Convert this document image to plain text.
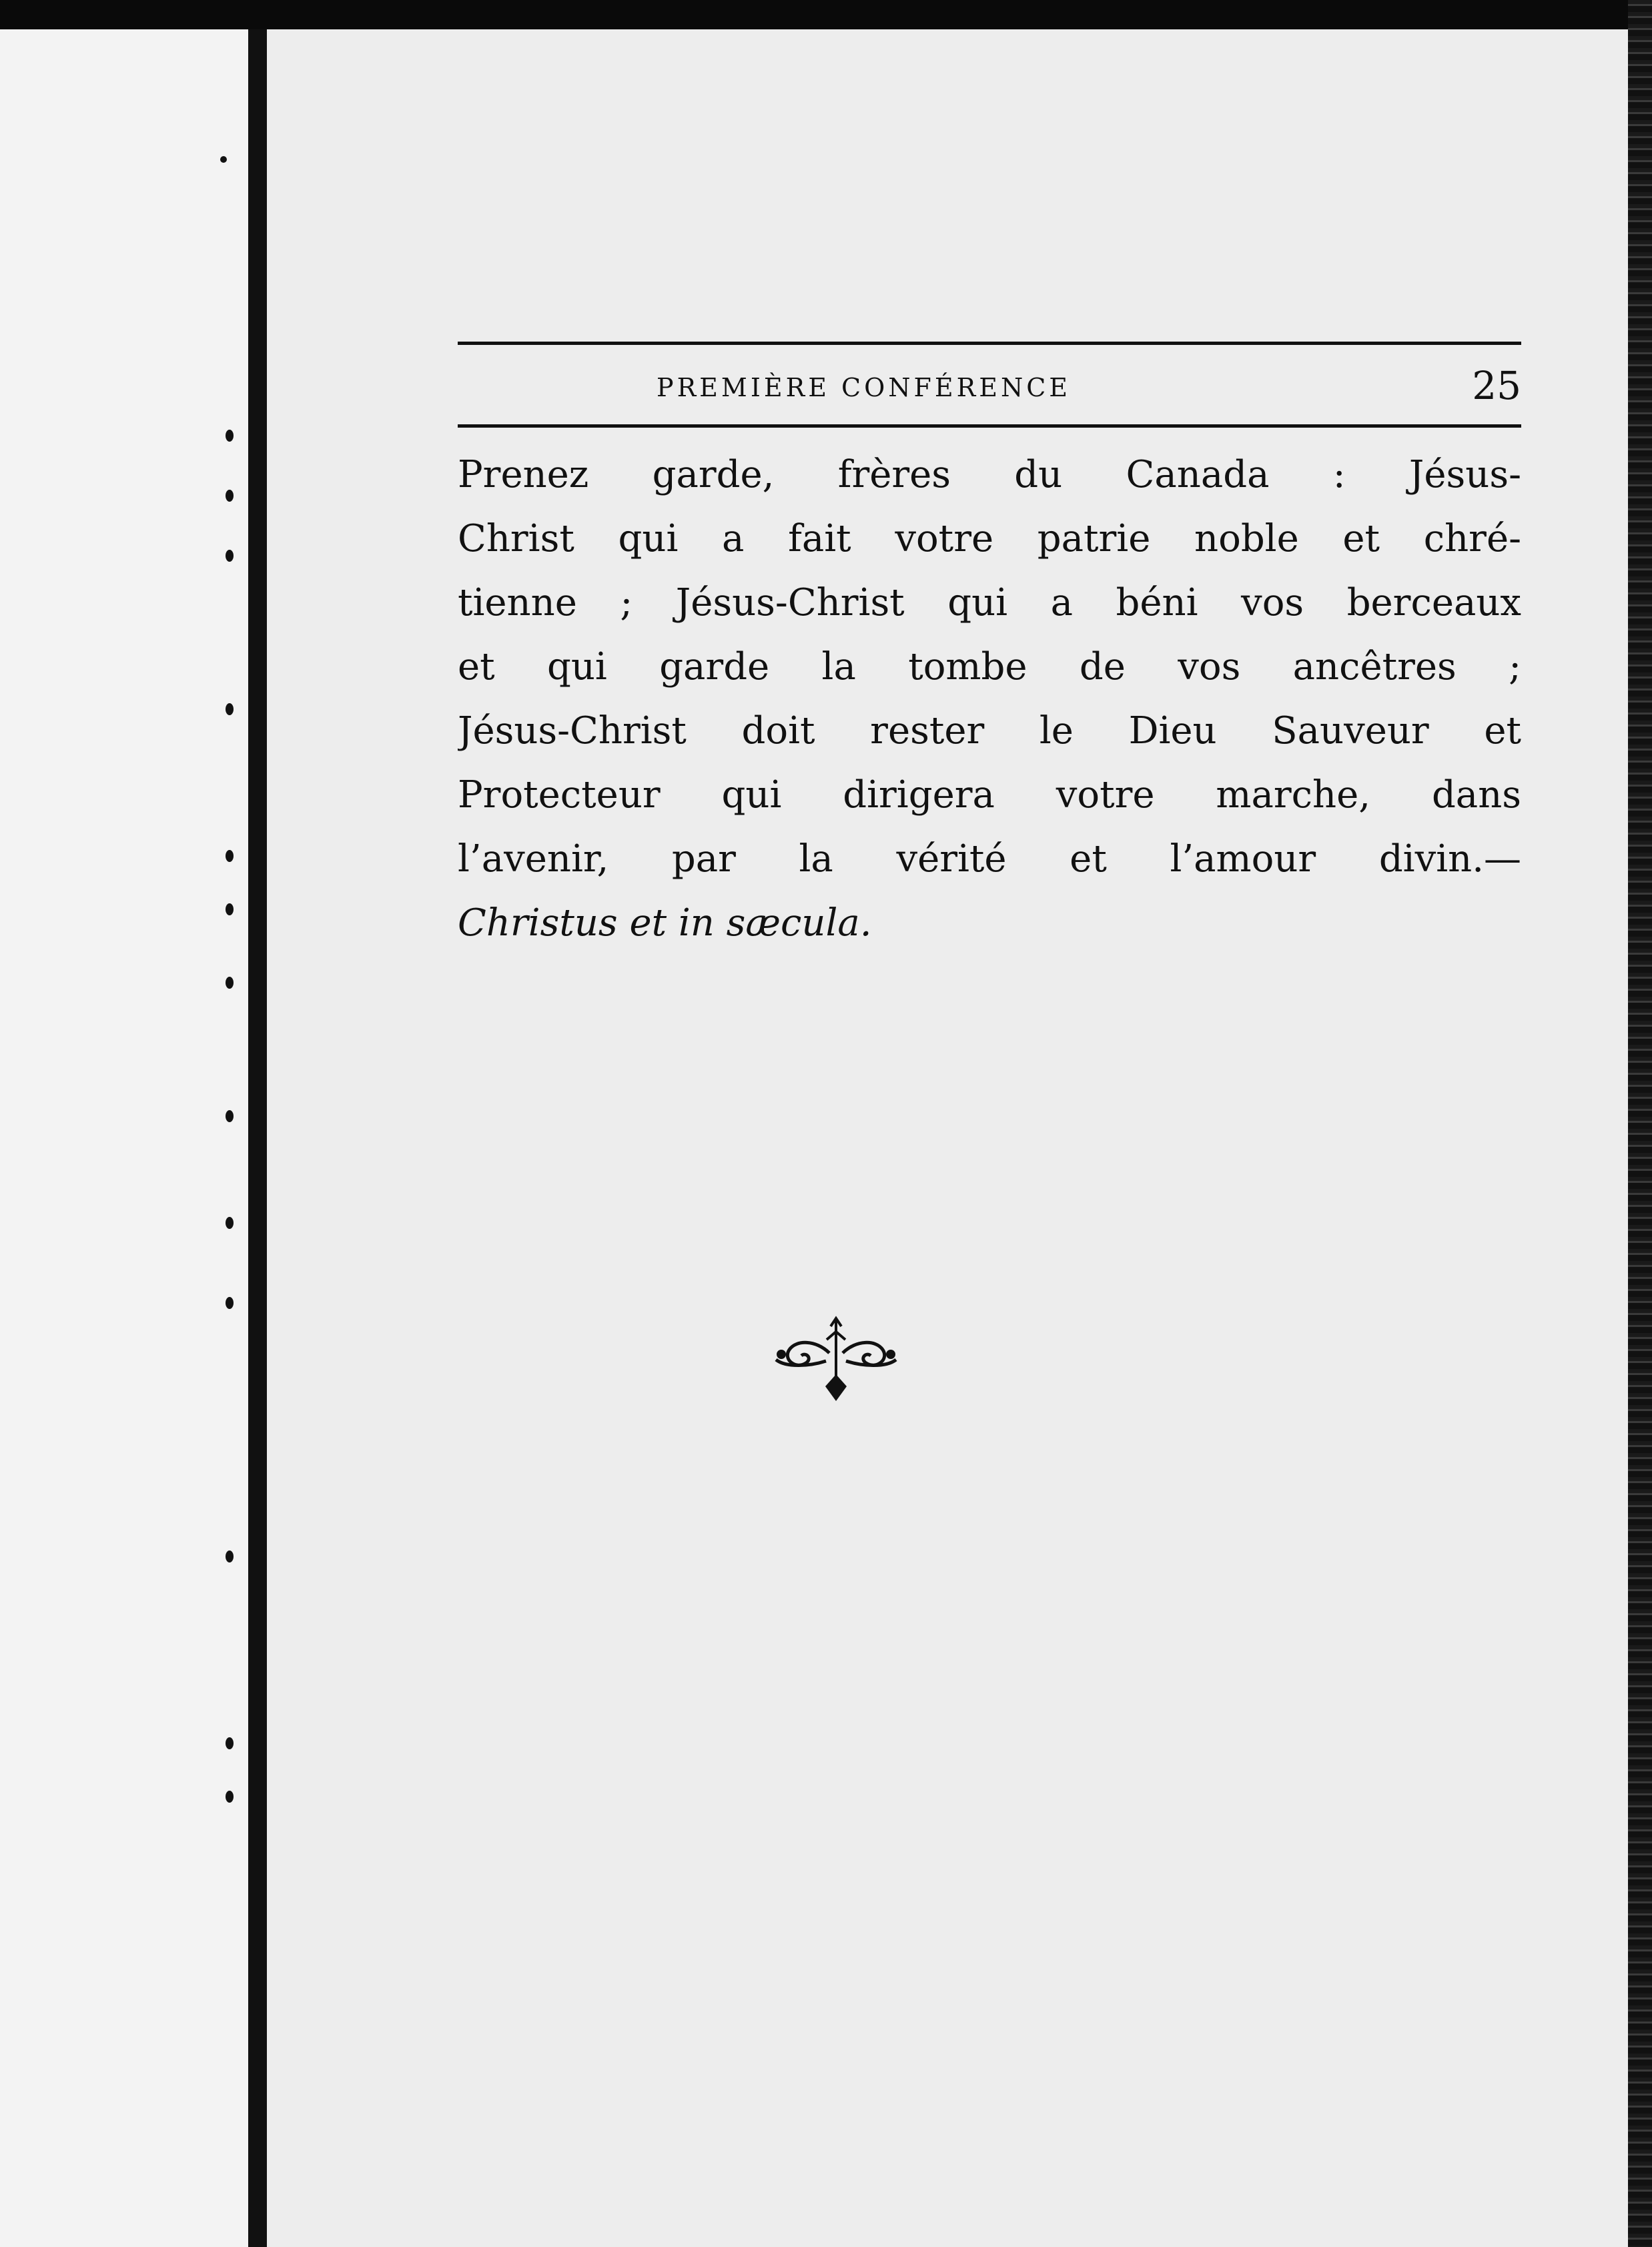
PREMIÈRE CONFÉRENCE	25
Prenez garde, frères du Canada : Jésus-
Christ qui a fait votre patrie noble et chré-
tienne ; Jésus-Christ qui a béni vos berceaux
et qui garde la tombe de vos ancêtres ;
Jésus-Christ doit rester le Dieu Sauveur et
Protecteur qui dirigera votre marche, dans
l’avenir, par la vérité et l’amour divin.—
Christus et in sæcula.
